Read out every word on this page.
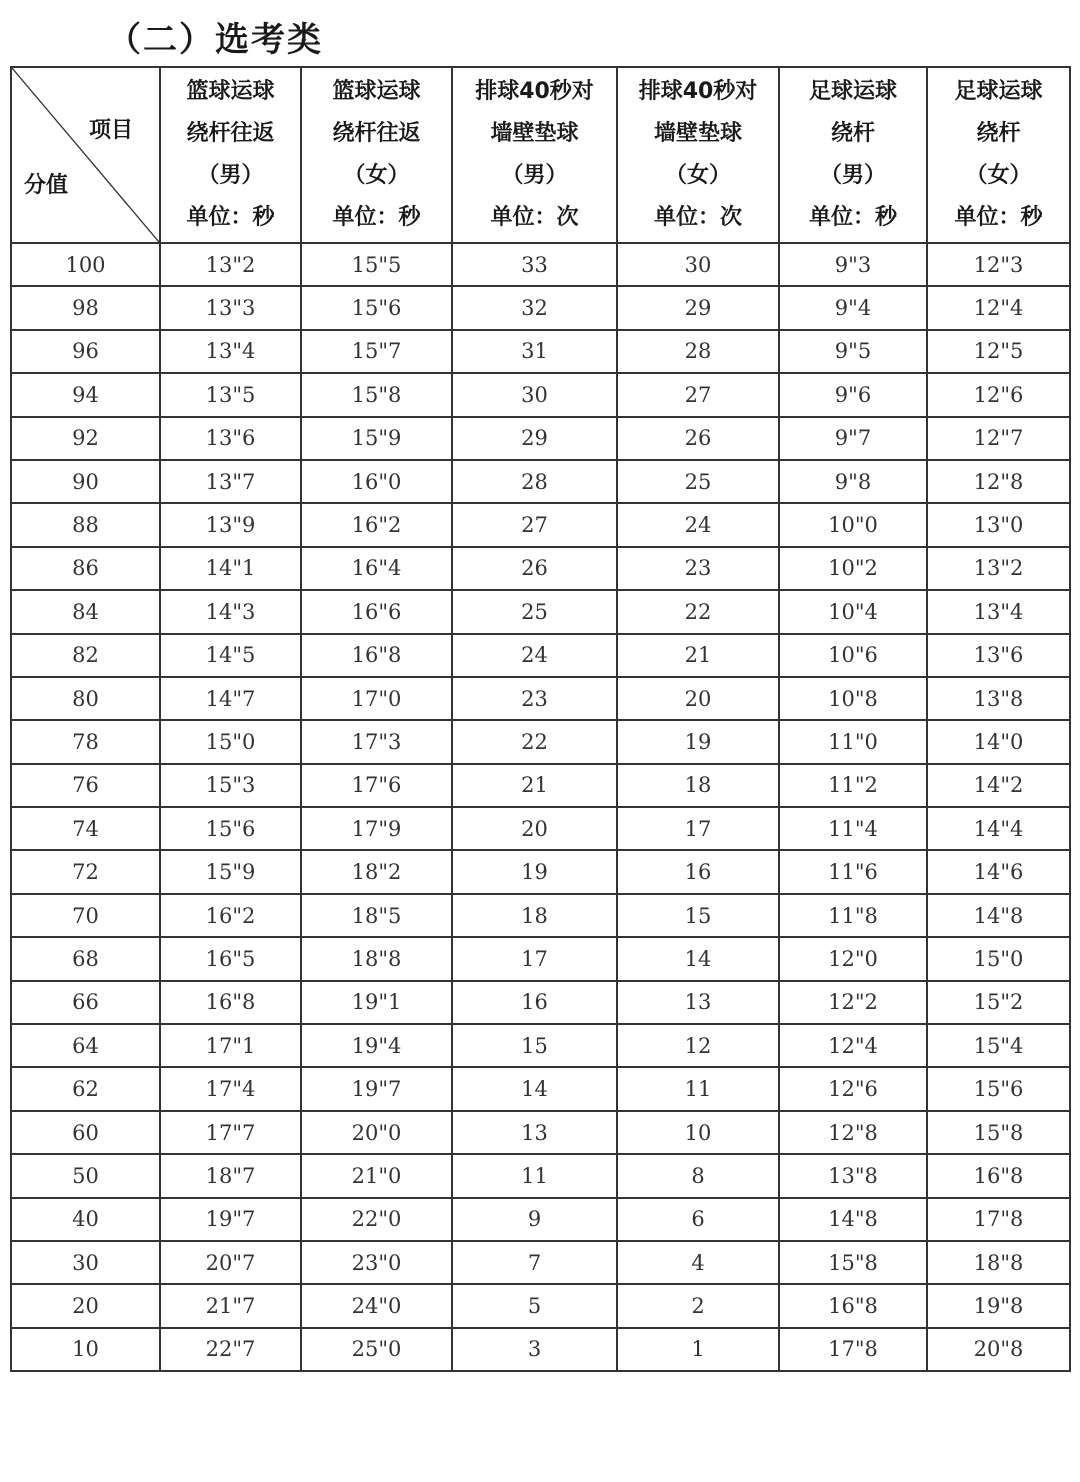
（二）选考类
项目
分值	篮球运球
绕杆往返
（男）
单位：秒	篮球运球
绕杆往返
（女）
单位：秒	排球40秒对
墙壁垫球
（男）
单位：次	排球40秒对
墙壁垫球
（女）
单位：次	足球运球
绕杆
（男）
单位：秒	足球运球
绕杆
（女）
单位：秒

100	13"2	15"5	33	30	9"3	12"3
98	13"3	15"6	32	29	9"4	12"4
96	13"4	15"7	31	28	9"5	12"5
94	13"5	15"8	30	27	9"6	12"6
92	13"6	15"9	29	26	9"7	12"7
90	13"7	16"0	28	25	9"8	12"8
88	13"9	16"2	27	24	10"0	13"0
86	14"1	16"4	26	23	10"2	13"2
84	14"3	16"6	25	22	10"4	13"4
82	14"5	16"8	24	21	10"6	13"6
80	14"7	17"0	23	20	10"8	13"8
78	15"0	17"3	22	19	11"0	14"0
76	15"3	17"6	21	18	11"2	14"2
74	15"6	17"9	20	17	11"4	14"4
72	15"9	18"2	19	16	11"6	14"6
70	16"2	18"5	18	15	11"8	14"8
68	16"5	18"8	17	14	12"0	15"0
66	16"8	19"1	16	13	12"2	15"2
64	17"1	19"4	15	12	12"4	15"4
62	17"4	19"7	14	11	12"6	15"6
60	17"7	20"0	13	10	12"8	15"8
50	18"7	21"0	11	8	13"8	16"8
40	19"7	22"0	9	6	14"8	17"8
30	20"7	23"0	7	4	15"8	18"8
20	21"7	24"0	5	2	16"8	19"8
10	22"7	25"0	3	1	17"8	20"8
